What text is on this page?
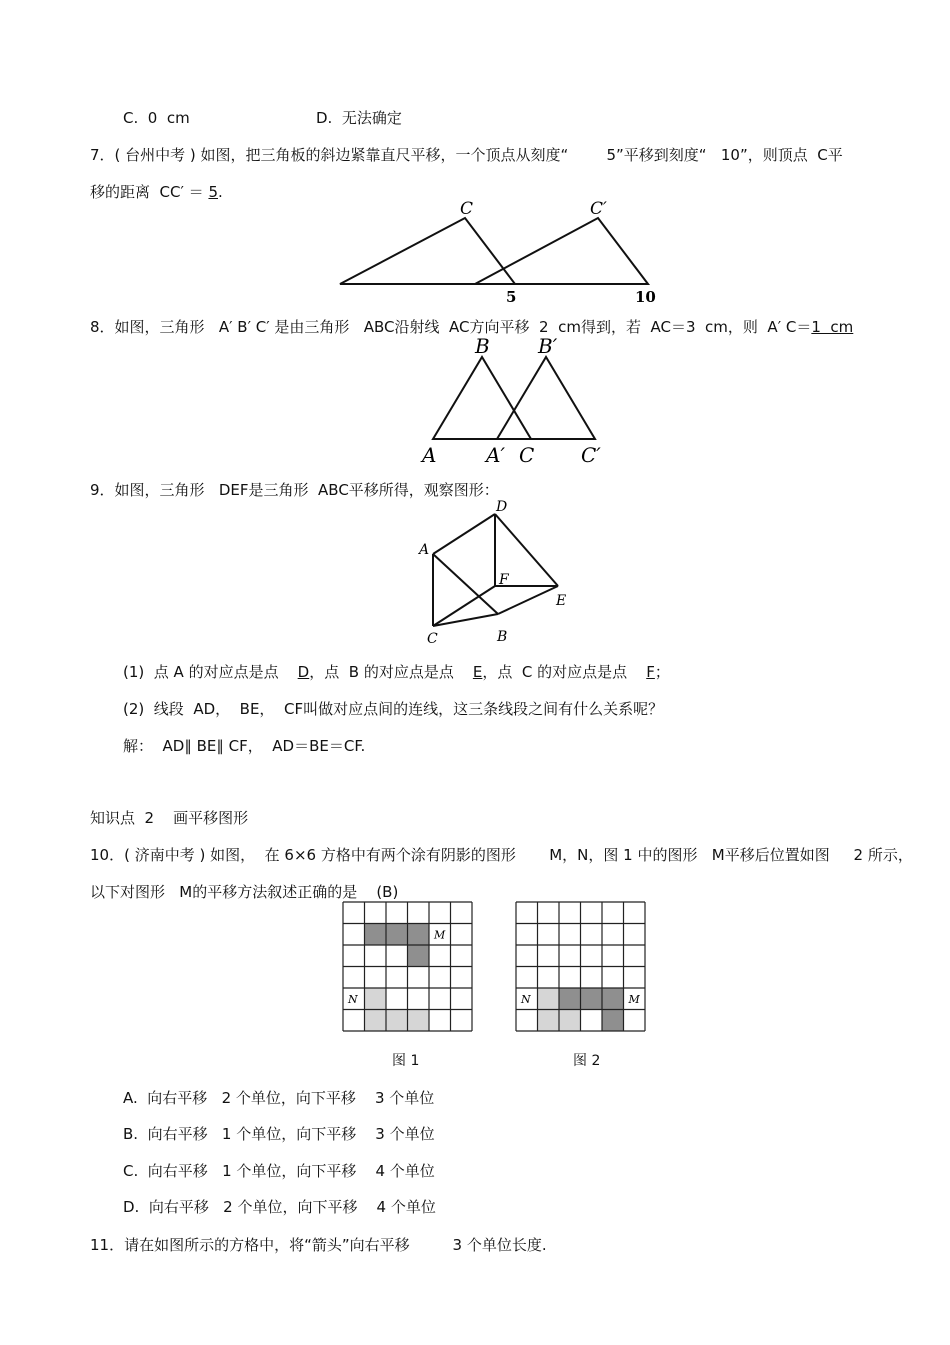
C.  0  cm	D.  无法确定
7．( 台州中考 ) 如图，把三角板的斜边紧靠直尺平移，一个顶点从刻度“        5”平移到刻度“   10”，则顶点  C平
移的距离  CC′ ＝ 5.
C	C′
5	10
8．如图，三角形   A′ B′ C′ 是由三角形   ABC沿射线  AC方向平移  2  cm得到，若  AC＝3  cm，则  A′ C＝1  cm
B B′
A A′ C C′
9．如图，三角形   DEF是三角形  ABC平移所得，观察图形：
A
D
F
E
C	B
(1)  点 A 的对应点是点    D，点  B 的对应点是点    E，点  C 的对应点是点    F；
(2)  线段  AD，  BE，  CF叫做对应点间的连线，这三条线段之间有什么关系呢？
解：  AD∥ BE∥ CF，  AD＝BE＝CF.
知识点  2    画平移图形
10．( 济南中考 ) 如图，  在 6×6 方格中有两个涂有阴影的图形       M，N，图 1 中的图形   M平移后位置如图     2 所示，
以下对图形   M的平移方法叙述正确的是    (B)
M
N	M
N
图 1	图 2
A.  向右平移   2 个单位，向下平移    3 个单位
B.  向右平移   1 个单位，向下平移    3 个单位
C.  向右平移   1 个单位，向下平移    4 个单位
D.  向右平移   2 个单位，向下平移    4 个单位
11．请在如图所示的方格中，将“箭头”向右平移         3 个单位长度.
